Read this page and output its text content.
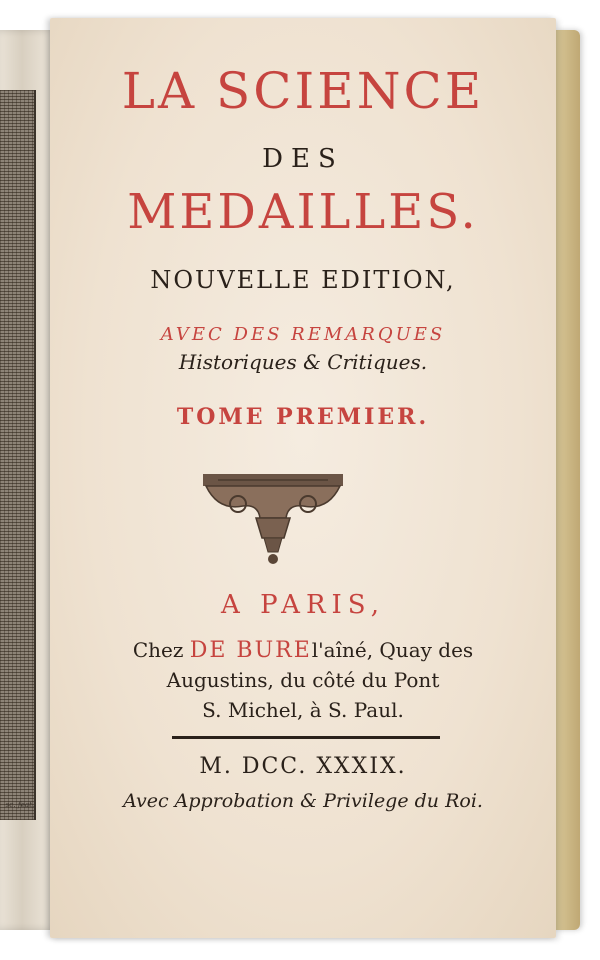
sc. feat.
LA SCIENCE
DES
MEDAILLES.
NOUVELLE EDITION,
AVEC DES REMARQUES
Historiques & Critiques.
TOME PREMIER.
A PARIS,
Chez DE BUREl'aîné, Quay des
Augustins, du côté du Pont
S. Michel, à S. Paul.
M. DCC. XXXIX.
Avec Approbation & Privilege du Roi.
